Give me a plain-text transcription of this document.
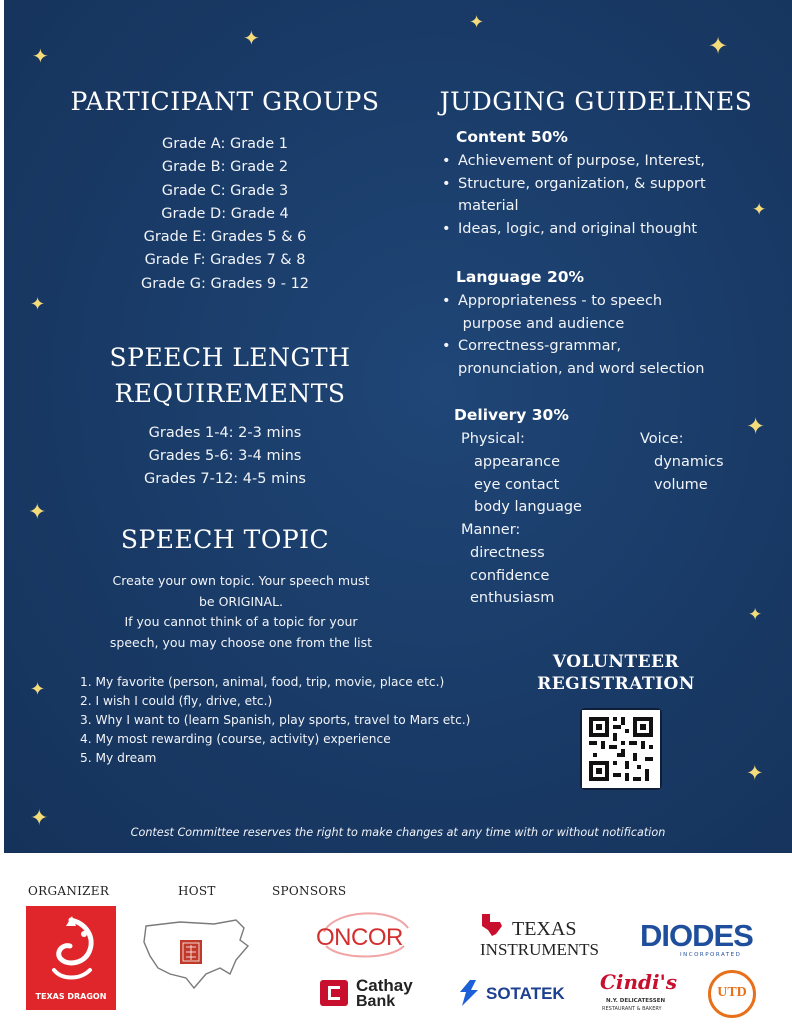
✦
✦
✦
✦
✦
✦
✦
✦
✦
✦
✦
✦
PARTICIPANT GROUPS
Grade A: Grade 1
Grade B: Grade 2
Grade C: Grade 3
Grade D: Grade 4
Grade E: Grades 5 & 6
Grade F: Grades 7 & 8
Grade G: Grades 9 - 12
SPEECH LENGTH
REQUIREMENTS
Grades 1-4: 2-3 mins
Grades 5-6: 3-4 mins
Grades 7-12: 4-5 mins
SPEECH TOPIC
Create your own topic. Your speech must
be ORIGINAL.
If you cannot think of a topic for your
speech, you may choose one from the list
1. My favorite (person, animal, food, trip, movie, place etc.)
2. I wish I could (fly, drive, etc.)
3. Why I want to (learn Spanish, play sports, travel to Mars etc.)
4. My most rewarding (course, activity) experience
5. My dream
JUDGING GUIDELINES
Content 50%
• Achievement of purpose, Interest,
• Structure, organization, & support
material
• Ideas, logic, and original thought
Language 20%
• Appropriateness - to speech
purpose and audience
• Correctness-grammar,
pronunciation, and word selection
Delivery 30%
Physical:
appearance
eye contact
body language
Voice:
dynamics
volume
Manner:
directness
confidence
enthusiasm
VOLUNTEER
REGISTRATION
Contest Committee reserves the right to make changes at any time with or without notification
ORGANIZER	HOST	SPONSORS
TEXAS DRAGON
ONCOR	TEXAS
INSTRUMENTS DIODES
INCORPORATED
Cathay
Bank	SOTATEK Cindi's
N.Y. DELICATESSEN
RESTAURANT & BAKERY
UTD
